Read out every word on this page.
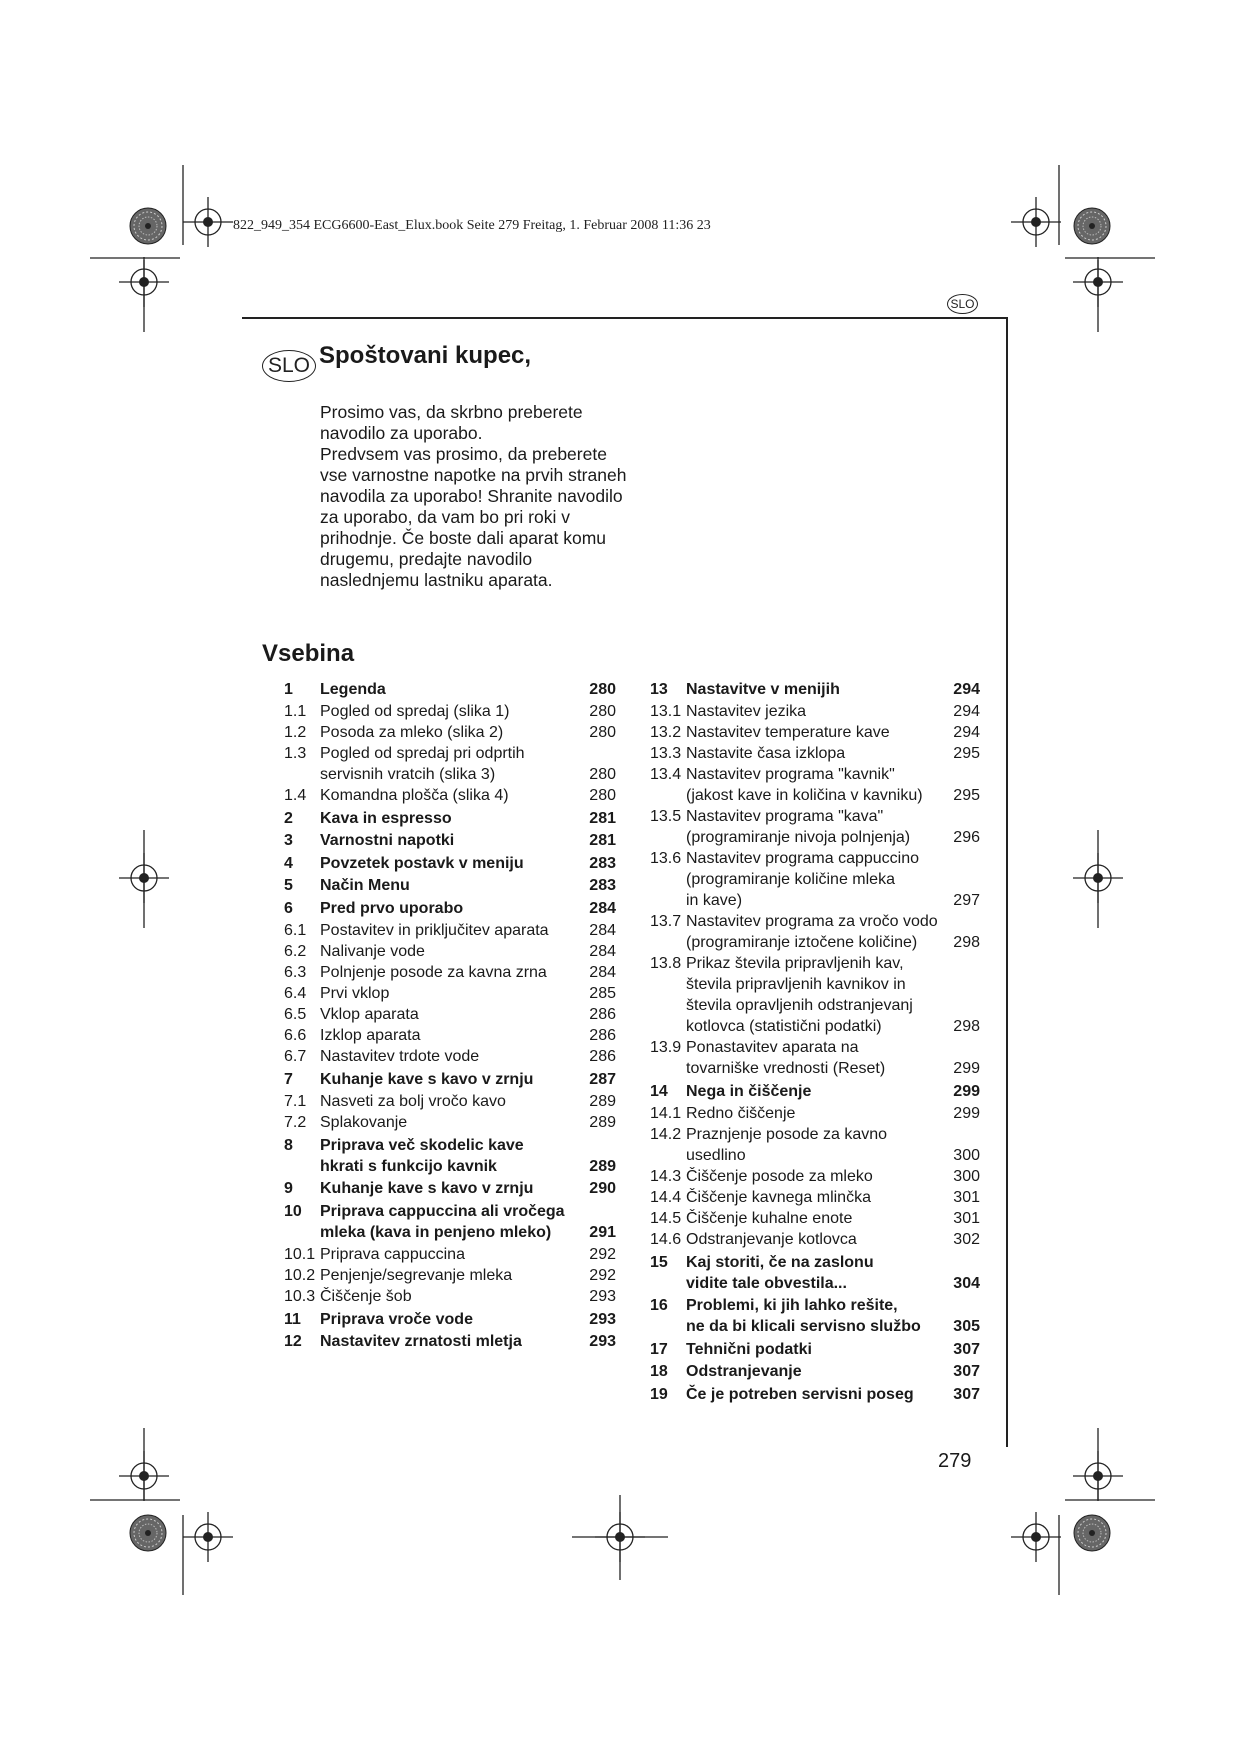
822_949_354 ECG6600-East_Elux.book Seite 279 Freitag, 1. Februar 2008 11:36 23
SLO
SLO Spoštovani kupec,

Prosimo vas, da skrbno preberete navodilo za uporabo.

Predvsem vas prosimo, da preberete vse varnostne napotke na prvih straneh navodila za uporabo! Shranite navodilo za uporabo, da vam bo pri roki v prihodnje. Če boste dali aparat komu drugemu, predajte navodilo naslednjemu lastniku aparata.

Vsebina
1	Legenda	280
1.1 Pogled od spredaj (slika 1)	280
1.2 Posoda za mleko (slika 2)	280
1.3 Pogled od spredaj pri odprtih
servisnih vratcih (slika 3)	280
1.4 Komandna plošča (slika 4)	280
2	Kava in espresso	281
3	Varnostni napotki	281
4	Povzetek postavk v meniju	283
5	Način Menu	283
6	Pred prvo uporabo	284
6.1 Postavitev in priključitev aparata	284
6.2 Nalivanje vode	284
6.3 Polnjenje posode za kavna zrna	284
6.4 Prvi vklop	285
6.5 Vklop aparata	286
6.6 Izklop aparata	286
6.7 Nastavitev trdote vode	286
7	Kuhanje kave s kavo v zrnju	287
7.1 Nasveti za bolj vročo kavo	289
7.2 Splakovanje	289
8	Priprava več skodelic kave
hkrati s funkcijo kavnik	289
9	Kuhanje kave s kavo v zrnju	290
10	Priprava cappuccina ali vročega
mleka (kava in penjeno mleko)	291
10.1 Priprava cappuccina	292
10.2 Penjenje/segrevanje mleka	292
10.3 Čiščenje šob	293
11	Priprava vroče vode	293
12	Nastavitev zrnatosti mletja	293
13	Nastavitve v menijih	294
13.1 Nastavitev jezika	294
13.2 Nastavitev temperature kave	294
13.3 Nastavite časa izklopa	295
13.4 Nastavitev programa "kavnik"
(jakost kave in količina v kavniku)	295
13.5 Nastavitev programa "kava"
(programiranje nivoja polnjenja)	296
13.6 Nastavitev programa cappuccino
(programiranje količine mleka
in kave)	297
13.7 Nastavitev programa za vročo vodo
(programiranje iztočene količine)	298
13.8 Prikaz števila pripravljenih kav,
števila pripravljenih kavnikov in
števila opravljenih odstranjevanj
kotlovca (statistični podatki)	298
13.9 Ponastavitev aparata na
tovarniške vrednosti (Reset)	299
14	Nega in čiščenje	299
14.1 Redno čiščenje	299
14.2 Praznjenje posode za kavno
usedlino	300
14.3 Čiščenje posode za mleko	300
14.4 Čiščenje kavnega mlinčka	301
14.5 Čiščenje kuhalne enote	301
14.6 Odstranjevanje kotlovca	302
15	Kaj storiti, če na zaslonu
vidite tale obvestila...	304
16	Problemi, ki jih lahko rešite,
ne da bi klicali servisno službo	305
17	Tehnični podatki	307
18	Odstranjevanje	307
19	Če je potreben servisni poseg	307
279
